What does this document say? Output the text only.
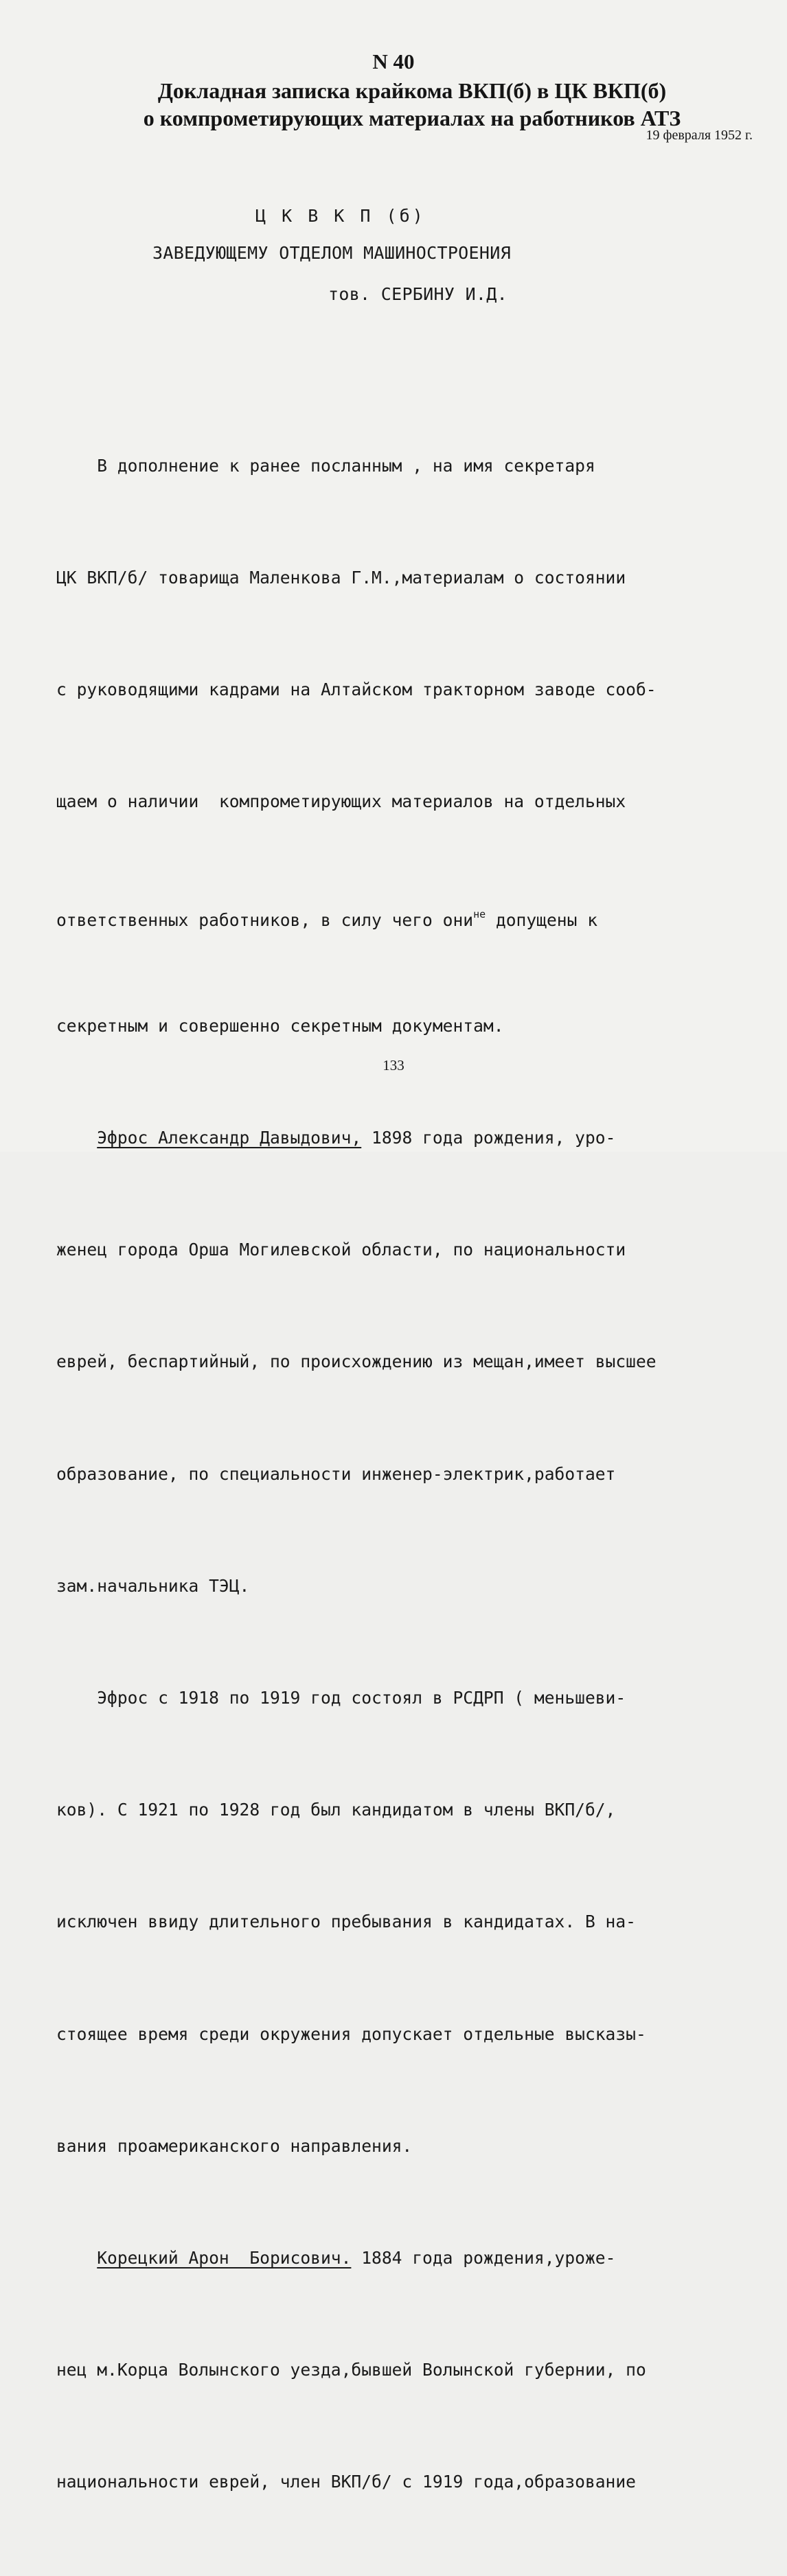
N 40
Докладная записка крайкома ВКП(б) в ЦК ВКП(б)
о компрометирующих материалах на работников АТЗ
19 февраля 1952 г.
Ц К В К П (б)
ЗАВЕДУЮЩЕМУ ОТДЕЛОМ МАШИНОСТРОЕНИЯ
тов. СЕРБИНУ И.Д.

В дополнение к ранее посланным , на имя секретаря

ЦК ВКП/б/ товарища Маленкова Г.М.,материалам о состоянии

с руководящими кадрами на Алтайском тракторном заводе сооб-

щаем о наличии  компрометирующих материалов на отдельных

ответственных работников, в силу чего они$^{не}$ допущены к

секретным и совершенно секретным документам.

Эфрос Александр Давыдович, 1898 года рождения, уро-

женец города Орша Могилевской области, по национальности

еврей, беспартийный, по происхождению из мещан,имеет высшее

образование, по специальности инженер-электрик,работает

зам.начальника ТЭЦ.

Эфрос с 1918 по 1919 год состоял в РСДРП ( меньшеви-

ков). С 1921 по 1928 год был кандидатом в члены ВКП/б/,

исключен ввиду длительного пребывания в кандидатах. В на-

стоящее время среди окружения допускает отдельные высказы-

вания проамериканского направления.

Корецкий Арон  Борисович. 1884 года рождения,уроже-

нец м.Корца Волынского уезда,бывшей Волынской губернии, по

национальности еврей, член ВКП/б/ с 1919 года,образование

133
